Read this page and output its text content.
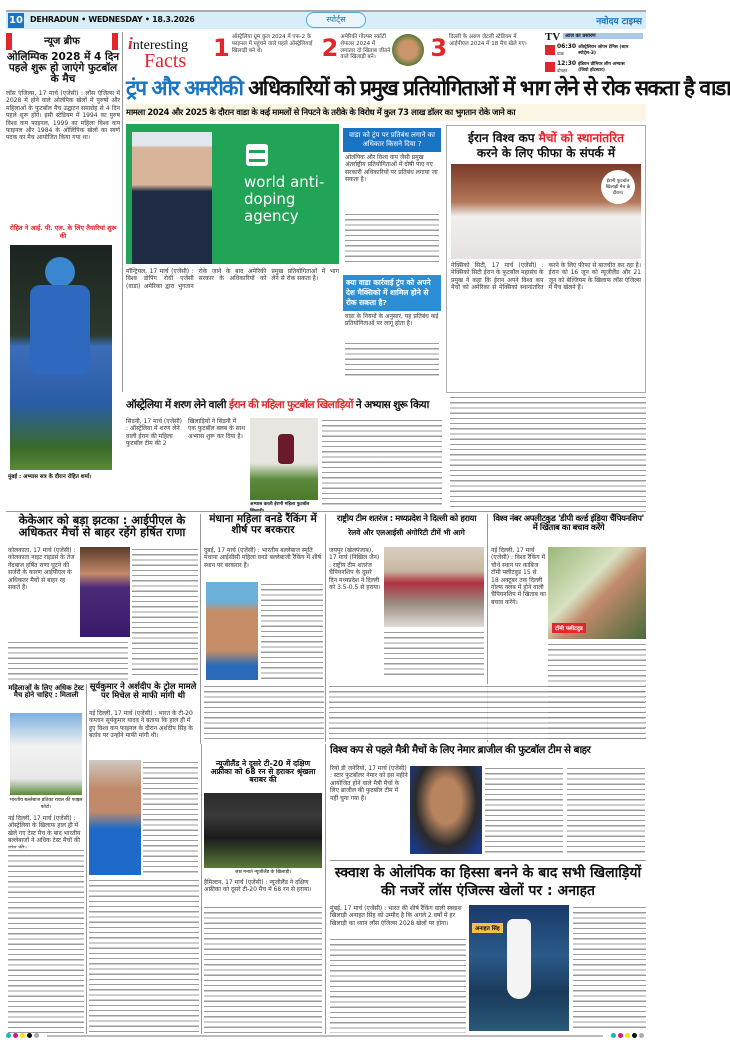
10 DEHRADUN • WEDNESDAY • 18.3.2026	स्पोर्ट्स	नवोदय टाइम्स
न्यूज ब्रीफ
ओलिम्पिक 2028 में 4 दिन पहले शुरू हो जाएंगे फुटबॉल के मैच
लॉस एंजिल्स, 17 मार्च (एजेंसी) : लॉस एंजिल्स में 2028 में होने वाले ओलंपिक खेलों में पुरुषों और महिलाओं के फुटबॉल मैच उद्घाटन समारोह से 4 दिन पहले शुरू होंगे। इसी स्टेडियम में 1994 का पुरुष विश्व कप फाइनल, 1999 का महिला विश्व कप फाइनल और 1984 के ओलिंपिक खेलों का स्वर्ण पदक का मैच आयोजित किया गया था।
रोहित ने आई. पी. एल. के लिए तैयारियां शुरू की
मुंबई : अभ्यास सत्र के दौरान रोहित शर्मा।
interesting
Facts 1 ऑस्ट्रेलिया ग्रूम कुल 2024 में एफ-2 के फाइनल में पहुंचने वाले पहले ऑस्ट्रेलियाई खिलाड़ी बने थे।	2 अमेरिकी गोल्फर स्कॉटी शेफलर 2024 में लगातार दो खिताब जीतने वाले खिलाड़ी बने।	3 दिल्ली के अरुण जेटली स्टेडियम में आईपीएल 2024 में 18 मैच खेले गए।
TV आज का प्रसारण
06:30
प्रातः
ऑस्ट्रेलियन ओपन टेनिस (स्टार स्पोर्ट्स-3)
12:30
दोपहर
इंडियन प्रीमियर लीग अभ्यास (जियो हॉटस्टार)
ट्रंप और अमरीकी अधिकारियों को प्रमुख प्रतियोगिताओं में भाग लेने से रोक सकता है वाडा
मामला 2024 और 2025 के दौरान वाडा के कई मामलों से निपटने के तरीके के विरोध में कुल 73 लाख डॉलर का भुगतान रोके जाने का
world anti-doping agency
मॉन्ट्रियल, 17 मार्च (एजेंसी) : विश्व डोपिंग रोधी एजेंसी (वाडा) अमेरिका द्वारा भुगतान रोके जाने के बाद अमेरिकी सरकार के अधिकारियों को प्रमुख प्रतियोगिताओं में भाग लेने से रोक सकता है।
वाडा को ट्रंप पर प्रतिबंध लगाने का अधिकार किसने दिया ?
ओलंपिक और विश्व कप जैसी प्रमुख अंतर्राष्ट्रीय प्रतियोगिताओं में दोषी पाए गए सरकारी अधिकारियों पर प्रतिबंध लगाया जा सकता है।
क्या वाडा कार्रवाई ट्रंप को अपने देश मैक्सिको में शामिल होने से रोक सकता है?
वाडा के नियमों के अनुसार, यह प्रतिबंध कई प्रतियोगिताओं पर लागू होता है।
ईरान विश्व कप मैचों को स्थानांतरित
करने के लिए फीफा के संपर्क में
ईरानी फुटबॉल खिलाड़ी मैच के दौरान।
मेक्सिको सिटी, 17 मार्च (एजेंसी) : मेक्सिको सिटी ईरान के फुटबॉल महासंघ के प्रमुख ने कहा कि ईरान अपने विश्व कप मैचों को अमेरिका से मेक्सिको स्थानांतरित करने के लिए फीफा से बातचीत कर रहा है। ईरान को 16 जून को न्यूजीलैंड और 21 जून को बेल्जियम के खिलाफ लॉस एंजिल्स में मैच खेलने हैं।
ऑस्ट्रेलिया में शरण लेने वाली ईरान की महिला फुटबॉल खिलाड़ियों ने अभ्यास शुरू किया
सिडनी, 17 मार्च (एजेंसी) : ऑस्ट्रेलिया में शरण लेने वाली ईरान की महिला फुटबॉल टीम की 2 खिलाड़ियों ने सिडनी में एक फुटबॉल क्लब के साथ अभ्यास शुरू कर दिया है।
अभ्यास करती ईरानी महिला फुटबॉल
केकेआर को बड़ा झटका : आईपीएल के अधिकतर मैचों से बाहर रहेंगे हर्षित राणा
कोलकाता, 17 मार्च (एजेंसी) : कोलकाता नाइट राइडर्स के तेज गेंदबाज हर्षित राणा घुटने की सर्जरी के कारण आईपीएल के अधिकतर मैचों से बाहर रह सकते हैं।
मंधाना महिला वनडे रैंकिंग में शीर्ष पर बरकरार
दुबई, 17 मार्च (एजेंसी) : भारतीय बल्लेबाज स्मृति मंधाना आईसीसी महिला वनडे बल्लेबाजी रैंकिंग में शीर्ष स्थान पर बरकरार हैं।
राष्ट्रीय टीम शतरंज : मध्यप्रदेश ने दिल्ली को हराया
रेलवे और एलआईसी अंगोरिटी टीमें भी आगे
जयपुर (खेलपंजाब), 17 मार्च (निखिल जैन) : राष्ट्रीय टीम शतरंज चैंपियनशिप के दूसरे दिन मध्यप्रदेश ने दिल्ली को 3.5-0.5 से हराया।
विश्व नंबर अपलीटकुड 'डीपी वर्ल्ड इंडिया चैंपियनशिप' में खिताब का बचाव करेंगे
नई दिल्ली, 17 मार्च (एजेंसी) : विश्व रैंकिंग में चौथे स्थान पर काबिज टॉमी फ्लीटवुड 15 से 18 अक्टूबर तक दिल्ली गोल्फ क्लब में होने वाली चैंपियनशिप में खिताब का बचाव करेंगे।
टॉमी फ्लीटवुड
महिलाओं के लिए अधिक टेस्ट मैच होने चाहिए : मिताली
भारतीय बल्लेबाज प्रतिका रावल की फाइल फोटो।
नई दिल्ली, 17 मार्च (एजेंसी) : ऑस्ट्रेलिया के खिलाफ हाल ही में खेले गए टेस्ट मैच के बाद भारतीय बल्लेबाजों ने अधिक टेस्ट मैचों की
सूर्यकुमार ने अर्शदीप के ट्रोल मामले पर मिचेल से माफी मांगी थी
नई दिल्ली, 17 मार्च (एजेंसी) : भारत के टी-20 कप्तान सूर्यकुमार यादव ने बताया कि हाल ही में हुए विश्व कप फाइनल के दौरान अर्शदीप सिंह के बर्ताव पर उन्होंने माफी मांगी थी।
न्यूजीलैंड ने दूसरे टी-20 में दक्षिण अफ्रीका को 68 रन से हराकर श्रृंखला बराबर की
जश्न मनाते न्यूजीलैंड के खिलाड़ी।
हैमिल्टन, 17 मार्च (एजेंसी) : न्यूजीलैंड ने दक्षिण अफ्रीका को दूसरे टी-20 मैच में 68 रन से हराया।
विश्व कप से पहले मैत्री मैचों के लिए नेमार ब्राजील की फुटबॉल टीम से बाहर
रियो डी जनेरियो, 17 मार्च (एजेंसी) : स्टार फुटबॉलर नेमार को इस महीने आयोजित होने वाले मैत्री मैचों के लिए ब्राजील की फुटबॉल टीम में नहीं चुना गया है।
स्क्वाश के ओलंपिक का हिस्सा बनने के बाद सभी खिलाड़ियों की नजरें लॉस एंजिल्स खेलों पर : अनाहत
मुंबई, 17 मार्च (एजेंसी) : भारत की शीर्ष रैंकिंग वाली स्क्वाश खिलाड़ी अनाहत सिंह को उम्मीद है कि अगले 2 वर्षों में हर खिलाड़ी का ध्यान लॉस एंजिल्स 2028 खेलों पर होगा।
अनाहत सिंह
